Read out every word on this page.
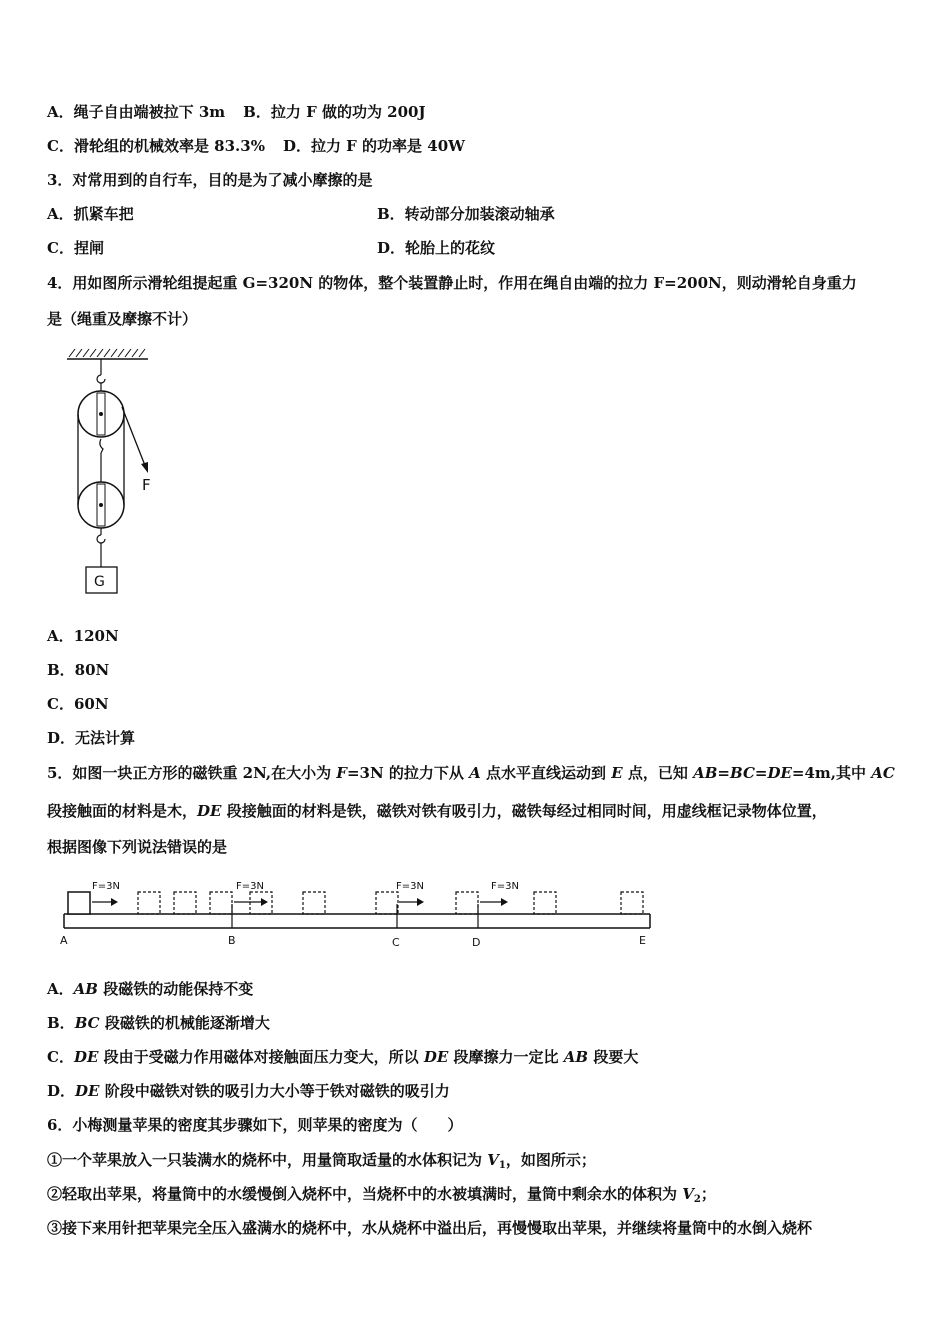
A．绳子自由端被拉下 3m B．拉力 F 做的功为 200J
C．滑轮组的机械效率是 83.3% D．拉力 F 的功率是 40W
3．对常用到的自行车，目的是为了减小摩擦的是
A．抓紧车把	B．转动部分加装滚动轴承
C．捏闸	D．轮胎上的花纹
4．用如图所示滑轮组提起重 G=320N 的物体，整个装置静止时，作用在绳自由端的拉力 F=200N，则动滑轮自身重力
是（绳重及摩擦不计）
F
G
A．120N
B．80N
C．60N
D．无法计算
5．如图一块正方形的磁铁重 2N,在大小为 F=3N 的拉力下从 A 点水平直线运动到 E 点，已知 AB=BC=DE=4m,其中 AC
段接触面的材料是木，DE 段接触面的材料是铁，磁铁对铁有吸引力，磁铁每经过相同时间，用虚线框记录物体位置，
根据图像下列说法错误的是
F=3N	F=3N	F=3N	F=3N
A	B	C	D	E
A．AB 段磁铁的动能保持不变
B．BC 段磁铁的机械能逐渐增大
C．DE 段由于受磁力作用磁体对接触面压力变大，所以 DE 段摩擦力一定比 AB 段要大
D．DE 阶段中磁铁对铁的吸引力大小等于铁对磁铁的吸引力
6．小梅测量苹果的密度其步骤如下，则苹果的密度为（　　）
①一个苹果放入一只装满水的烧杯中，用量筒取适量的水体积记为 $V_1$，如图所示；
②轻取出苹果，将量筒中的水缓慢倒入烧杯中，当烧杯中的水被填满时，量筒中剩余水的体积为 $V_2$；
③接下来用针把苹果完全压入盛满水的烧杯中，水从烧杯中溢出后，再慢慢取出苹果，并继续将量筒中的水倒入烧杯
